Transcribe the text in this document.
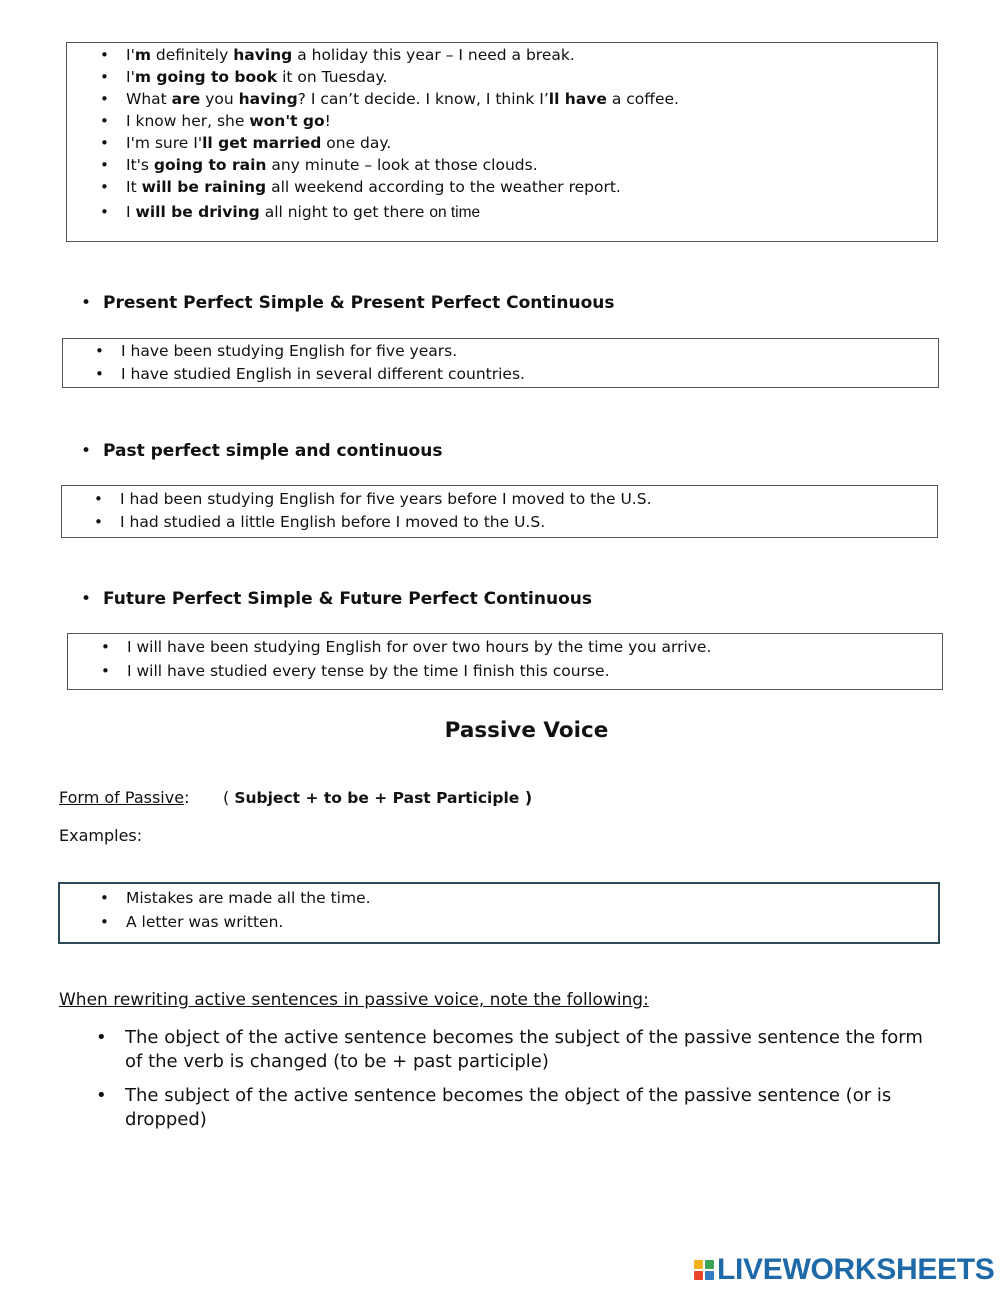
• I'm definitely having a holiday this year – I need a break.
• I'm going to book it on Tuesday.
• What are you having? I can’t decide. I know, I think I’ll have a coffee.
• I know her, she won't go!
• I'm sure I'll get married one day.
• It's going to rain any minute – look at those clouds.
• It will be raining all weekend according to the weather report.
• I will be driving all night to get there on time
• Present Perfect Simple & Present Perfect Continuous
• I have been studying English for five years.
• I have studied English in several different countries.
• Past perfect simple and continuous
• I had been studying English for five years before I moved to the U.S.
• I had studied a little English before I moved to the U.S.
• Future Perfect Simple & Future Perfect Continuous
• I will have been studying English for over two hours by the time you arrive.
• I will have studied every tense by the time I finish this course.
Passive Voice
Form of Passive: ( Subject + to be + Past Participle )
Examples:
• Mistakes are made all the time.
• A letter was written.
When rewriting active sentences in passive voice, note the following:
• The object of the active sentence becomes the subject of the passive sentence the form of the verb is changed (to be + past participle)
• The subject of the active sentence becomes the object of the passive sentence (or is dropped)
LIVEWORKSHEETS
